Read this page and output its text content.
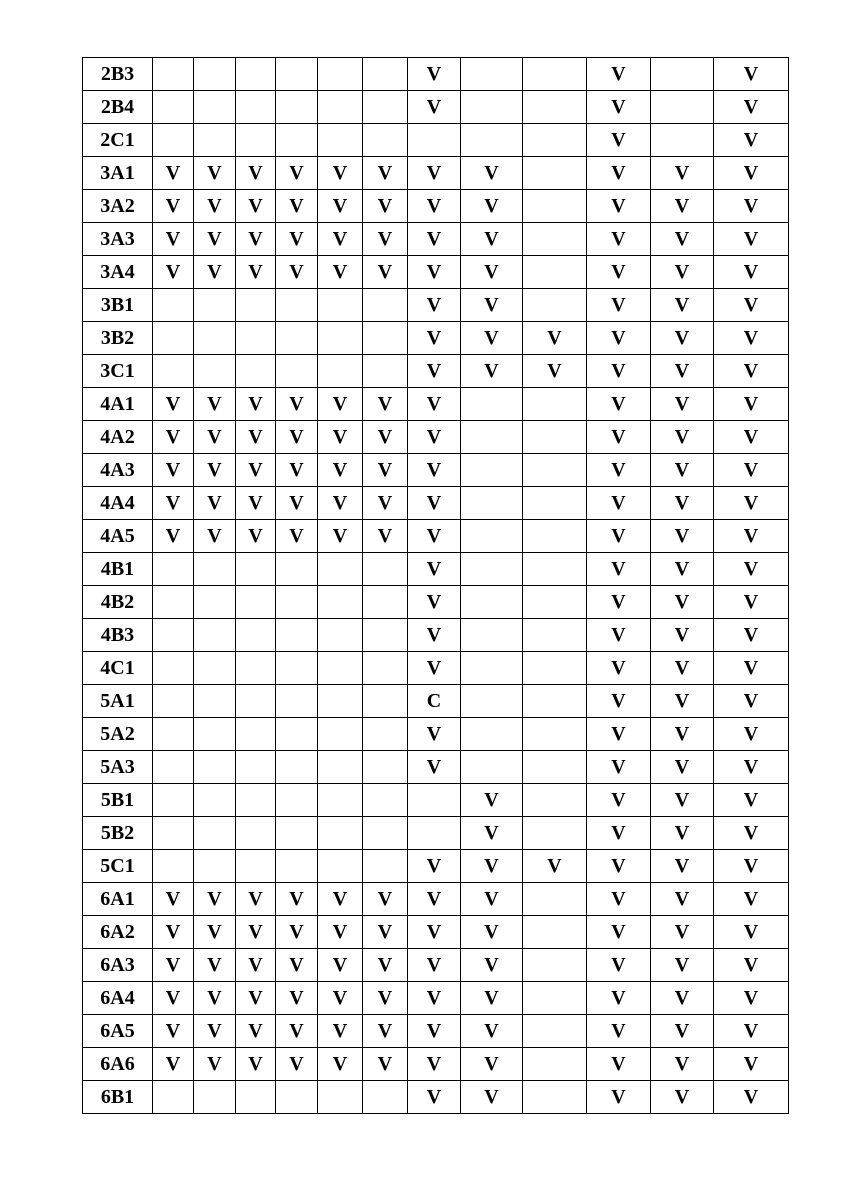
2B3							V			V		V
2B4							V			V		V
2C1										V		V
3A1	V	V	V	V	V	V	V	V		V	V	V
3A2	V	V	V	V	V	V	V	V		V	V	V
3A3	V	V	V	V	V	V	V	V		V	V	V
3A4	V	V	V	V	V	V	V	V		V	V	V
3B1							V	V		V	V	V
3B2							V	V	V	V	V	V
3C1							V	V	V	V	V	V
4A1	V	V	V	V	V	V	V			V	V	V
4A2	V	V	V	V	V	V	V			V	V	V
4A3	V	V	V	V	V	V	V			V	V	V
4A4	V	V	V	V	V	V	V			V	V	V
4A5	V	V	V	V	V	V	V			V	V	V
4B1							V			V	V	V
4B2							V			V	V	V
4B3							V			V	V	V
4C1							V			V	V	V
5A1							C			V	V	V
5A2							V			V	V	V
5A3							V			V	V	V
5B1								V		V	V	V
5B2								V		V	V	V
5C1							V	V	V	V	V	V
6A1	V	V	V	V	V	V	V	V		V	V	V
6A2	V	V	V	V	V	V	V	V		V	V	V
6A3	V	V	V	V	V	V	V	V		V	V	V
6A4	V	V	V	V	V	V	V	V		V	V	V
6A5	V	V	V	V	V	V	V	V		V	V	V
6A6	V	V	V	V	V	V	V	V		V	V	V
6B1							V	V		V	V	V
